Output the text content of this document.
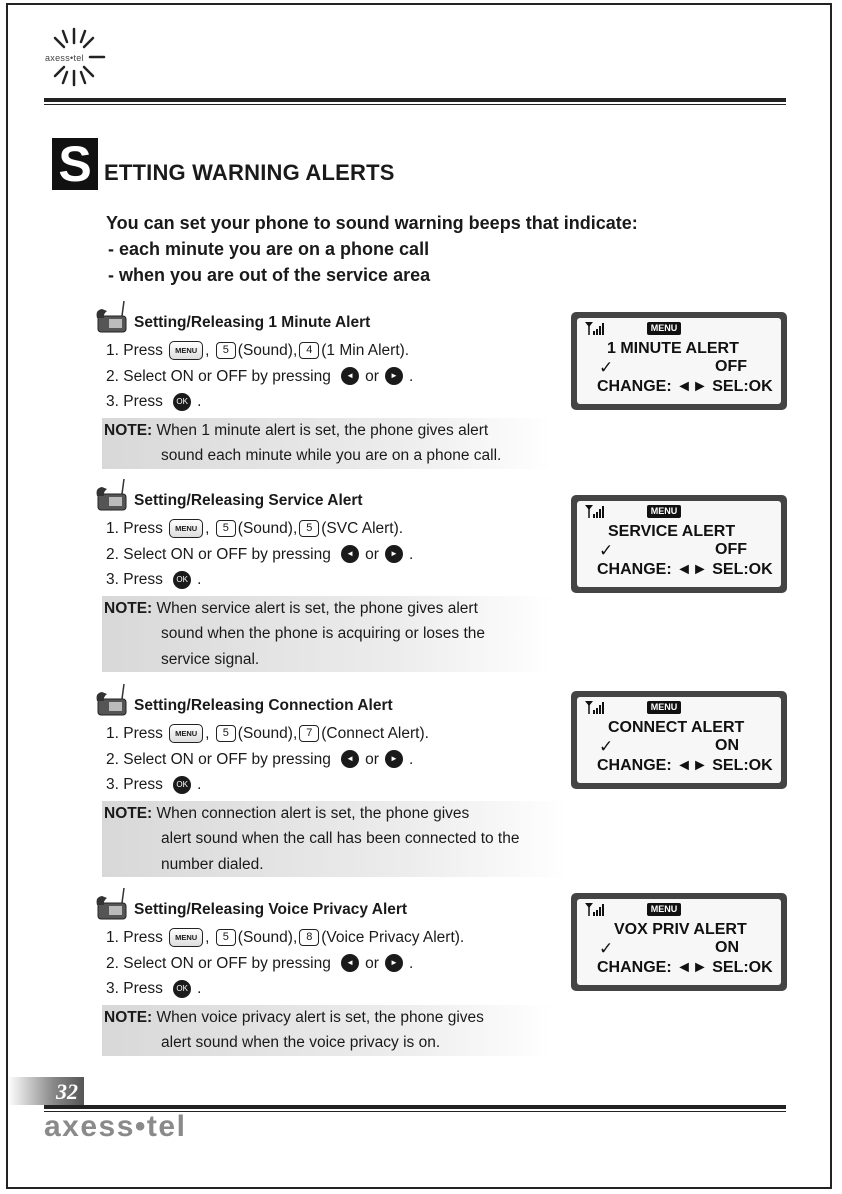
axess•tel
S ETTING WARNING ALERTS
You can set your phone to sound warning beeps that indicate:
- each minute you are on a phone call
- when you are out of the service area
Setting/Releasing 1 Minute Alert
1. Press MENU , 5 (Sound), 4 (1 Min Alert).
2. Select ON or OFF by pressing ◄ or ► .
3. Press OK .
NOTE: When 1 minute alert is set, the phone gives alert
sound each minute while you are on a phone call.
MENU
1 MINUTE ALERT
✓	OFF
CHANGE: ◄► SEL:OK
Setting/Releasing Service Alert
1. Press MENU , 5 (Sound), 5 (SVC Alert).
2. Select ON or OFF by pressing ◄ or ► .
3. Press OK .
NOTE: When service alert is set, the phone gives alert
sound when the phone is acquiring or loses the
service signal.
MENU
SERVICE ALERT
✓	OFF
CHANGE: ◄► SEL:OK
Setting/Releasing Connection Alert
1. Press MENU , 5 (Sound), 7 (Connect Alert).
2. Select ON or OFF by pressing ◄ or ► .
3. Press OK .
NOTE: When connection alert is set, the phone gives
alert sound when the call has been connected to the
number dialed.
MENU
CONNECT ALERT
✓	ON
CHANGE: ◄► SEL:OK
Setting/Releasing Voice Privacy Alert
1. Press MENU , 5 (Sound), 8 (Voice Privacy Alert).
2. Select ON or OFF by pressing ◄ or ► .
3. Press OK .
NOTE: When voice privacy alert is set, the phone gives
alert sound when the voice privacy is on.
MENU
VOX PRIV ALERT
✓	ON
CHANGE: ◄► SEL:OK
32
axess•tel
